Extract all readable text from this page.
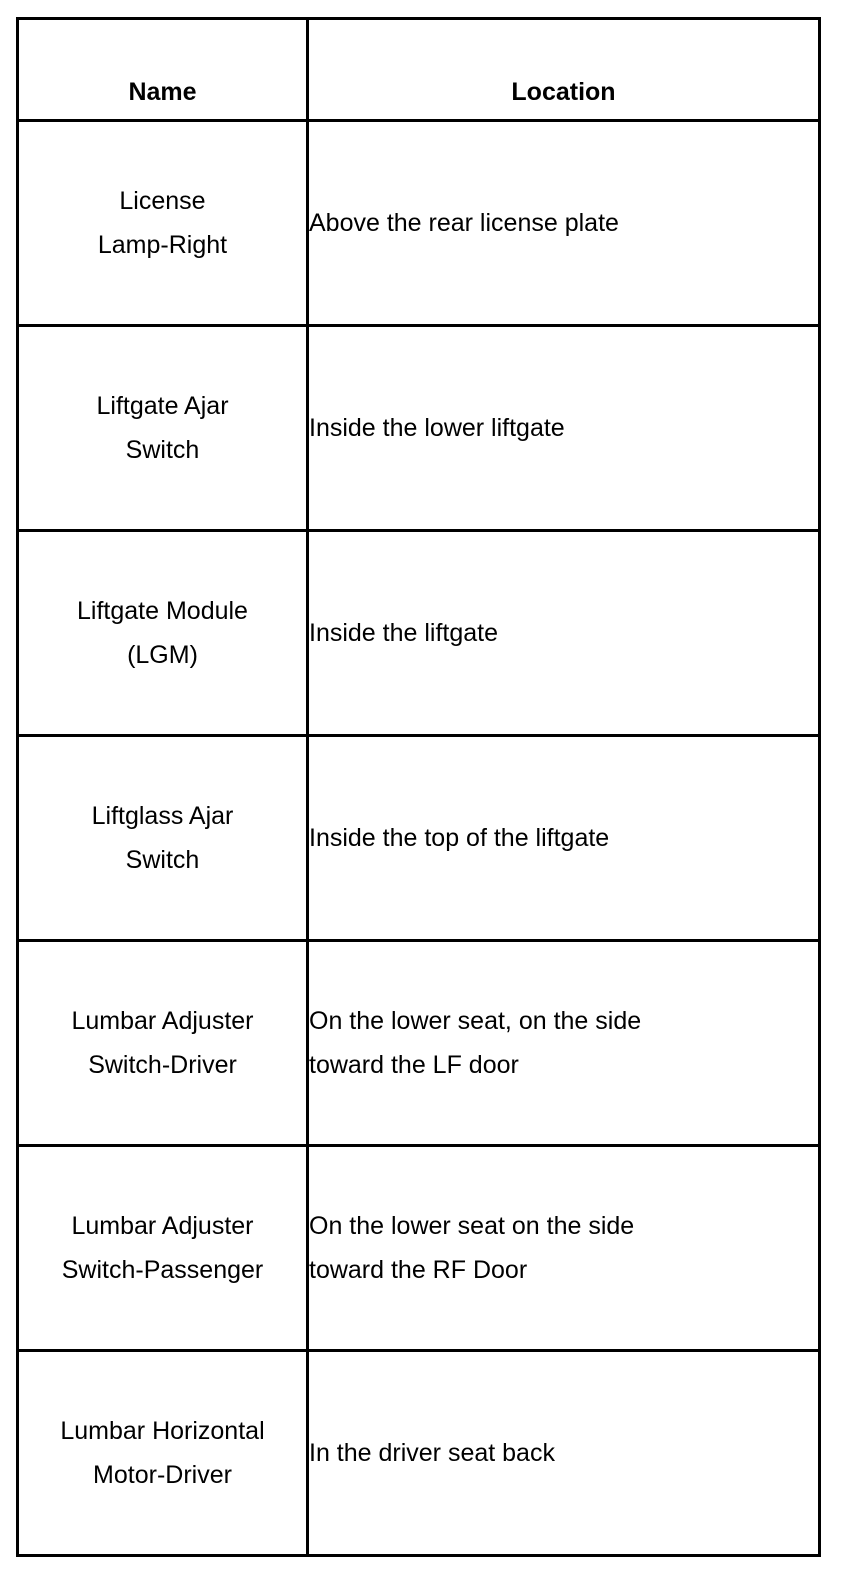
Name	Location

License
Lamp-Right	Above the rear license plate

Liftgate Ajar
Switch	Inside the lower liftgate

Liftgate Module
(LGM)	Inside the liftgate

Liftglass Ajar
Switch	Inside the top of the liftgate

Lumbar Adjuster
Switch-Driver	On the lower seat, on the side
toward the LF door

Lumbar Adjuster
Switch-Passenger	On the lower seat on the side
toward the RF Door

Lumbar Horizontal
Motor-Driver	In the driver seat back
